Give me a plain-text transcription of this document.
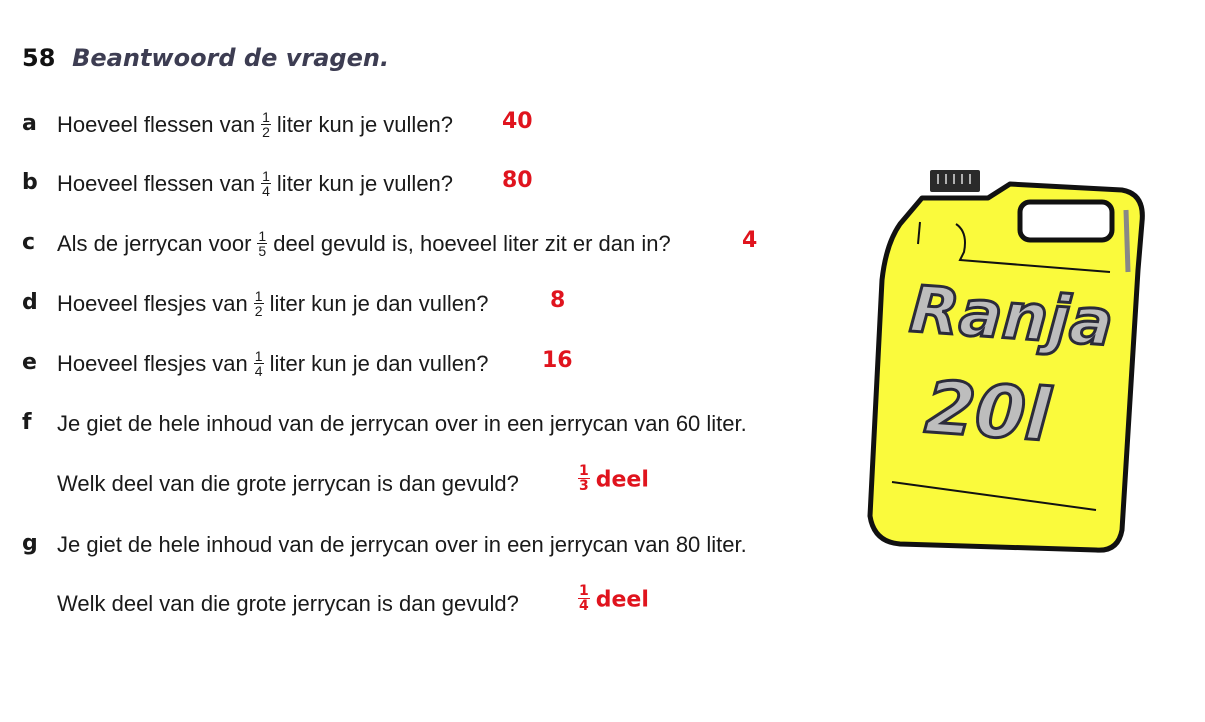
58 Beantwoord de vragen.
a Hoeveel flessen van $\frac{1}{2}$ liter kun je vullen? 40
b Hoeveel flessen van $\frac{1}{4}$ liter kun je vullen? 80
c Als de jerrycan voor $\frac{1}{5}$ deel gevuld is, hoeveel liter zit er dan in?	4
d Hoeveel flesjes van $\frac{1}{2}$ liter kun je dan vullen?	8
e Hoeveel flesjes van $\frac{1}{4}$ liter kun je dan vullen? 16
f Je giet de hele inhoud van de jerrycan over in een jerrycan van 60 liter.
Welk deel van die grote jerrycan is dan gevuld?	$\frac{1}{3}$ deel
g Je giet de hele inhoud van de jerrycan over in een jerrycan van 80 liter.
Welk deel van die grote jerrycan is dan gevuld?	$\frac{1}{4}$ deel
Ranja
20l
